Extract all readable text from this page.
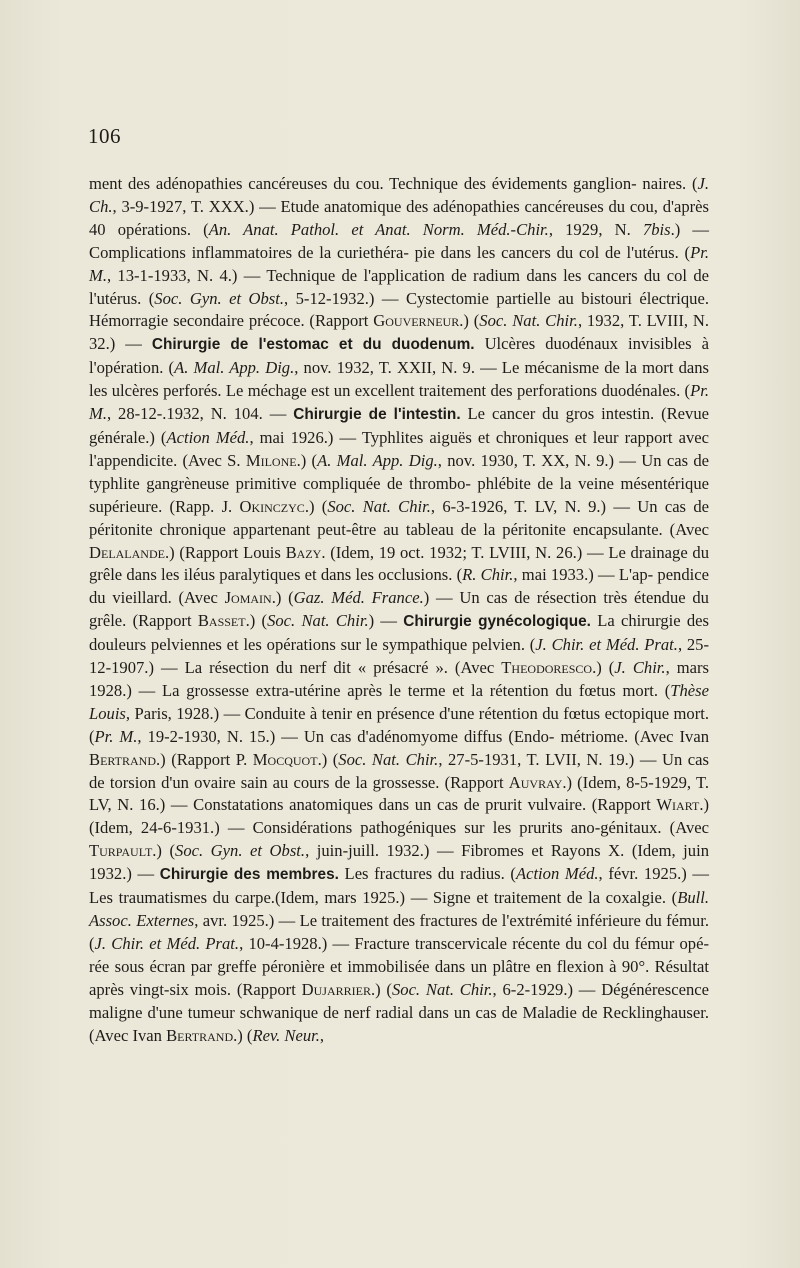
106
ment des adénopathies cancéreuses du cou. Technique des évidements ganglion- naires. (J. Ch., 3-9-1927, T. XXX.) — Etude anatomique des adénopathies cancéreuses du cou, d'après 40 opérations. (An. Anat. Pathol. et Anat. Norm. Méd.-Chir., 1929, N. 7bis.) — Complications inflammatoires de la curiethéra- pie dans les cancers du col de l'utérus. (Pr. M., 13-1-1933, N. 4.) — Technique de l'application de radium dans les cancers du col de l'utérus. (Soc. Gyn. et Obst., 5-12-1932.) — Cystectomie partielle au bistouri électrique. Hémorragie secondaire précoce. (Rapport Gouverneur.) (Soc. Nat. Chir., 1932, T. LVIII, N. 32.) — Chirurgie de l'estomac et du duodenum. Ulcères duodénaux invisibles à l'opération. (A. Mal. App. Dig., nov. 1932, T. XXII, N. 9. — Le mécanisme de la mort dans les ulcères perforés. Le méchage est un excellent traitement des perforations duodénales. (Pr. M., 28-12-.1932, N. 104. — Chirurgie de l'intestin. Le cancer du gros intestin. (Revue générale.) (Action Méd., mai 1926.) — Typhlites aiguës et chroniques et leur rapport avec l'appendicite. (Avec S. Milone.) (A. Mal. App. Dig., nov. 1930, T. XX, N. 9.) — Un cas de typhlite gangrèneuse primitive compliquée de thrombo- phlébite de la veine mésentérique supérieure. (Rapp. J. Okinczyc.) (Soc. Nat. Chir., 6-3-1926, T. LV, N. 9.) — Un cas de péritonite chronique appartenant peut-être au tableau de la péritonite encapsulante. (Avec Delalande.) (Rapport Louis Bazy. (Idem, 19 oct. 1932; T. LVIII, N. 26.) — Le drainage du grêle dans les iléus paralytiques et dans les occlusions. (R. Chir., mai 1933.) — L'ap- pendice du vieillard. (Avec Jomain.) (Gaz. Méd. France.) — Un cas de résection très étendue du grêle. (Rapport Basset.) (Soc. Nat. Chir.) — Chirurgie gynécologique. La chirurgie des douleurs pelviennes et les opérations sur le sympathique pelvien. (J. Chir. et Méd. Prat., 25-12-1907.) — La résection du nerf dit « présacré ». (Avec Theodoresco.) (J. Chir., mars 1928.) — La grossesse extra-utérine après le terme et la rétention du fœtus mort. (Thèse Louis, Paris, 1928.) — Conduite à tenir en présence d'une rétention du fœtus ectopique mort. (Pr. M., 19-2-1930, N. 15.) — Un cas d'adénomyome diffus (Endo- métriome. (Avec Ivan Bertrand.) (Rapport P. Mocquot.) (Soc. Nat. Chir., 27-5-1931, T. LVII, N. 19.) — Un cas de torsion d'un ovaire sain au cours de la grossesse. (Rapport Auvray.) (Idem, 8-5-1929, T. LV, N. 16.) — Constatations anatomiques dans un cas de prurit vulvaire. (Rapport Wiart.) (Idem, 24-6-1931.) — Considérations pathogéniques sur les prurits ano-génitaux. (Avec Turpault.) (Soc. Gyn. et Obst., juin-juill. 1932.) — Fibromes et Rayons X. (Idem, juin 1932.) — Chirurgie des membres. Les fractures du radius. (Action Méd., févr. 1925.) — Les traumatismes du carpe.(Idem, mars 1925.) — Signe et traitement de la coxalgie. (Bull. Assoc. Externes, avr. 1925.) — Le traitement des fractures de l'extrémité inférieure du fémur. (J. Chir. et Méd. Prat., 10-4-1928.) — Fracture transcervicale récente du col du fémur opé- rée sous écran par greffe péronière et immobilisée dans un plâtre en flexion à 90°. Résultat après vingt-six mois. (Rapport Dujarrier.) (Soc. Nat. Chir., 6-2-1929.) — Dégénérescence maligne d'une tumeur schwanique de nerf radial dans un cas de Maladie de Recklinghauser. (Avec Ivan Bertrand.) (Rev. Neur.,
